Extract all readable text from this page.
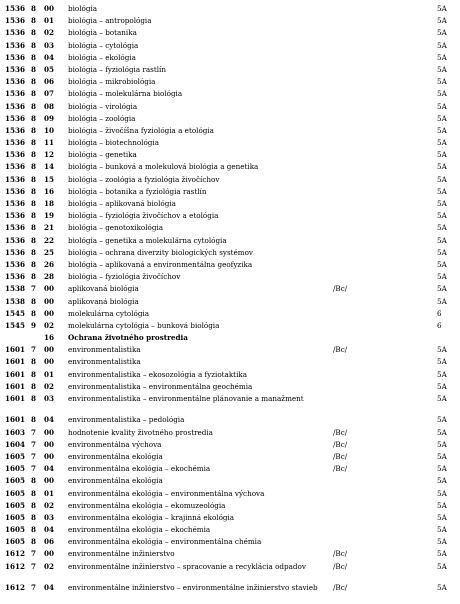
1536 8 00 biológia	5A
1536 8 01 biológia – antropológia	5A
1536 8 02 biológia – botanika	5A
1536 8 03 biológia – cytológia	5A
1536 8 04 biológia – ekológia	5A
1536 8 05 biológia – fyziológia rastlín	5A
1536 8 06 biológia – mikrobiológia	5A
1536 8 07 biológia – molekulárna biológia	5A
1536 8 08 biológia – virológia	5A
1536 8 09 biológia – zoológia	5A
1536 8 10 biológia – živočíšna fyziológia a etológia	5A
1536 8 11 biológia – biotechnológia	5A
1536 8 12 biológia – genetika	5A
1536 8 14 biológia – bunková a molekulová biológia a genetika	5A
1536 8 15 biológia – zoológia a fyziológia živočíchov	5A
1536 8 16 biológia – botanika a fyziológia rastlín	5A
1536 8 18 biológia – aplikovaná biológia	5A
1536 8 19 biológia – fyziológia živočíchov a etológia	5A
1536 8 21 biológia – genotoxikológia	5A
1536 8 22 biológia – genetika a molekulárna cytológia	5A
1536 8 25 biológia – ochrana diverzity biologických systémov	5A
1536 8 26 biológia – aplikovaná a environmentálna geofyzika	5A
1536 8 28 biológia – fyziológia živočíchov	5A
1538 7 00 aplikovaná biológia	/Bc/	5A
1538 8 00 aplikovaná biológia	5A
1545 8 00 molekulárna cytológia	6
1545 9 02 molekulárna cytológia – bunková biológia	6
16 Ochrana životného prostredia
1601 7 00 environmentalistika	/Bc/	5A
1601 8 00 environmentalistika	5A
1601 8 01 environmentalistika – ekosozológia a fyziotaktika	5A
1601 8 02 environmentalistika – environmentálna geochémia	5A
1601 8 03 environmentalistika – environmentálne plánovanie a manažment	5A
1601 8 04 environmentalistika – pedológia	5A
1603 7 00 hodnotenie kvality životného prostredia	/Bc/	5A
1604 7 00 environmentálna výchova	/Bc/	5A
1605 7 00 environmentálna ekológia	/Bc/	5A
1605 7 04 environmentálna ekológia – ekochémia	/Bc/	5A
1605 8 00 environmentálna ekológia	5A
1605 8 01 environmentálna ekológia – environmentálna výchova	5A
1605 8 02 environmentálna ekológia – ekomuzeológia	5A
1605 8 03 environmentálna ekológia – krajinná ekológia	5A
1605 8 04 environmentálna ekológia – ekochémia	5A
1605 8 06 environmentálna ekológia – environmentálna chémia	5A
1612 7 00 environmentálne inžinierstvo	/Bc/	5A
1612 7 02 environmentálne inžinierstvo – spracovanie a recyklácia odpadov	/Bc/	5A
1612 7 04 environmentálne inžinierstvo – environmentálne inžinierstvo stavieb	/Bc/	5A
